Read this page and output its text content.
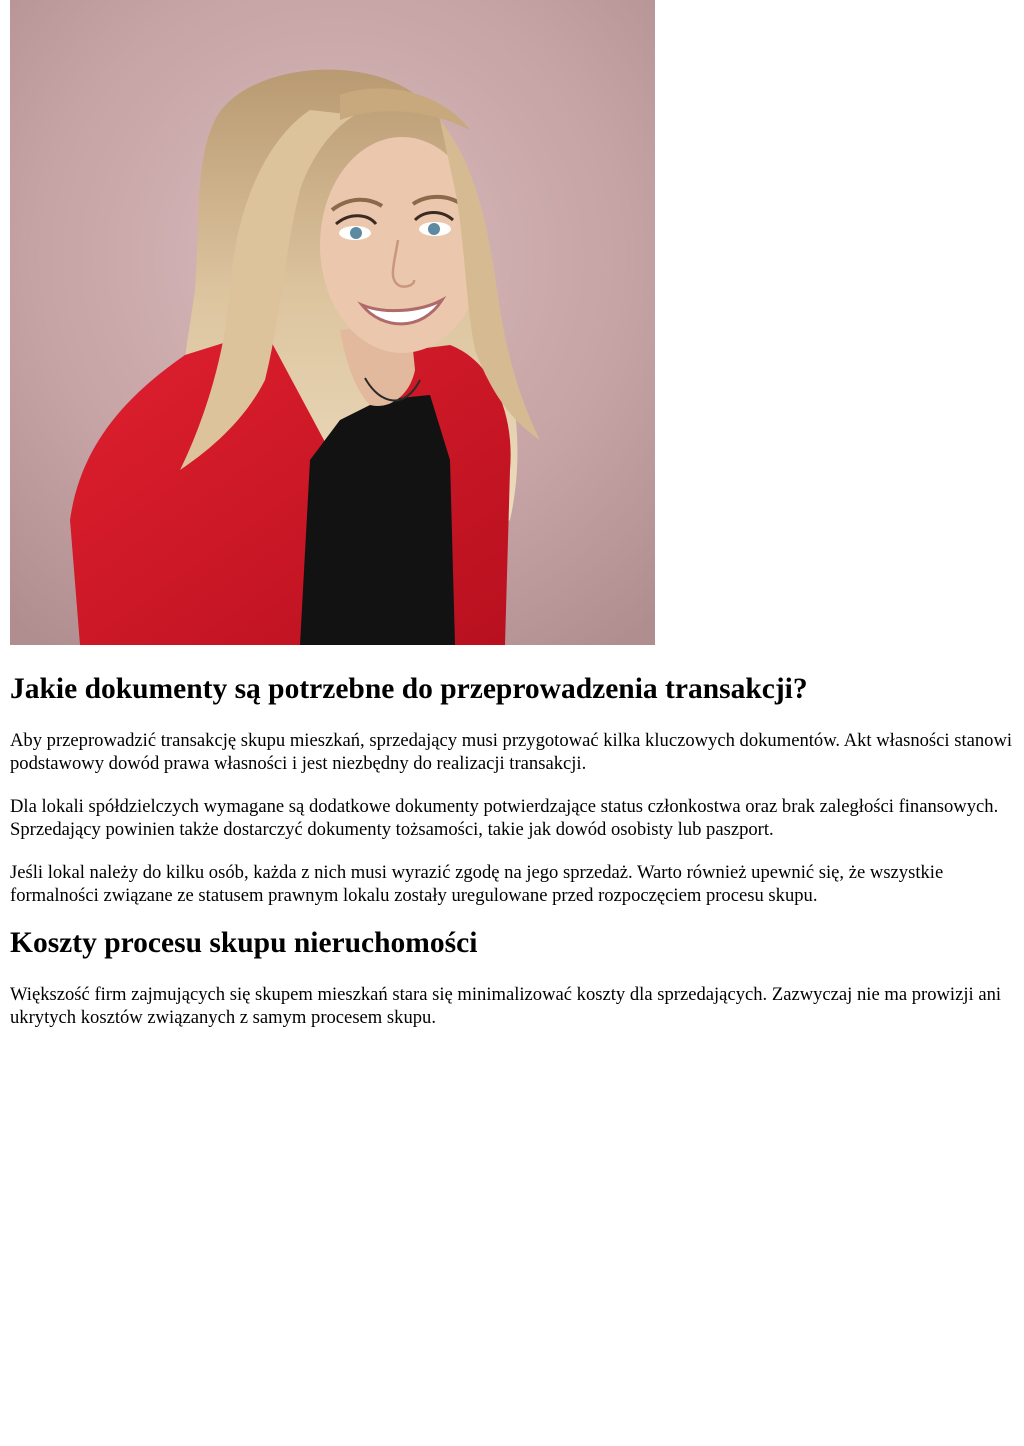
Jakie dokumenty są potrzebne do przeprowadzenia transakcji?

Aby przeprowadzić transakcję skupu mieszkań, sprzedający musi przygotować kilka kluczowych dokumentów. Akt własności stanowi podstawowy dowód prawa własności i jest niezbędny do realizacji transakcji.

Dla lokali spółdzielczych wymagane są dodatkowe dokumenty potwierdzające status członkostwa oraz brak zaległości finansowych. Sprzedający powinien także dostarczyć dokumenty tożsamości, takie jak dowód osobisty lub paszport.

Jeśli lokal należy do kilku osób, każda z nich musi wyrazić zgodę na jego sprzedaż. Warto również upewnić się, że wszystkie formalności związane ze statusem prawnym lokalu zostały uregulowane przed rozpoczęciem procesu skupu.

Koszty procesu skupu nieruchomości

Większość firm zajmujących się skupem mieszkań stara się minimalizować koszty dla sprzedających. Zazwyczaj nie ma prowizji ani ukrytych kosztów związanych z samym procesem skupu.
